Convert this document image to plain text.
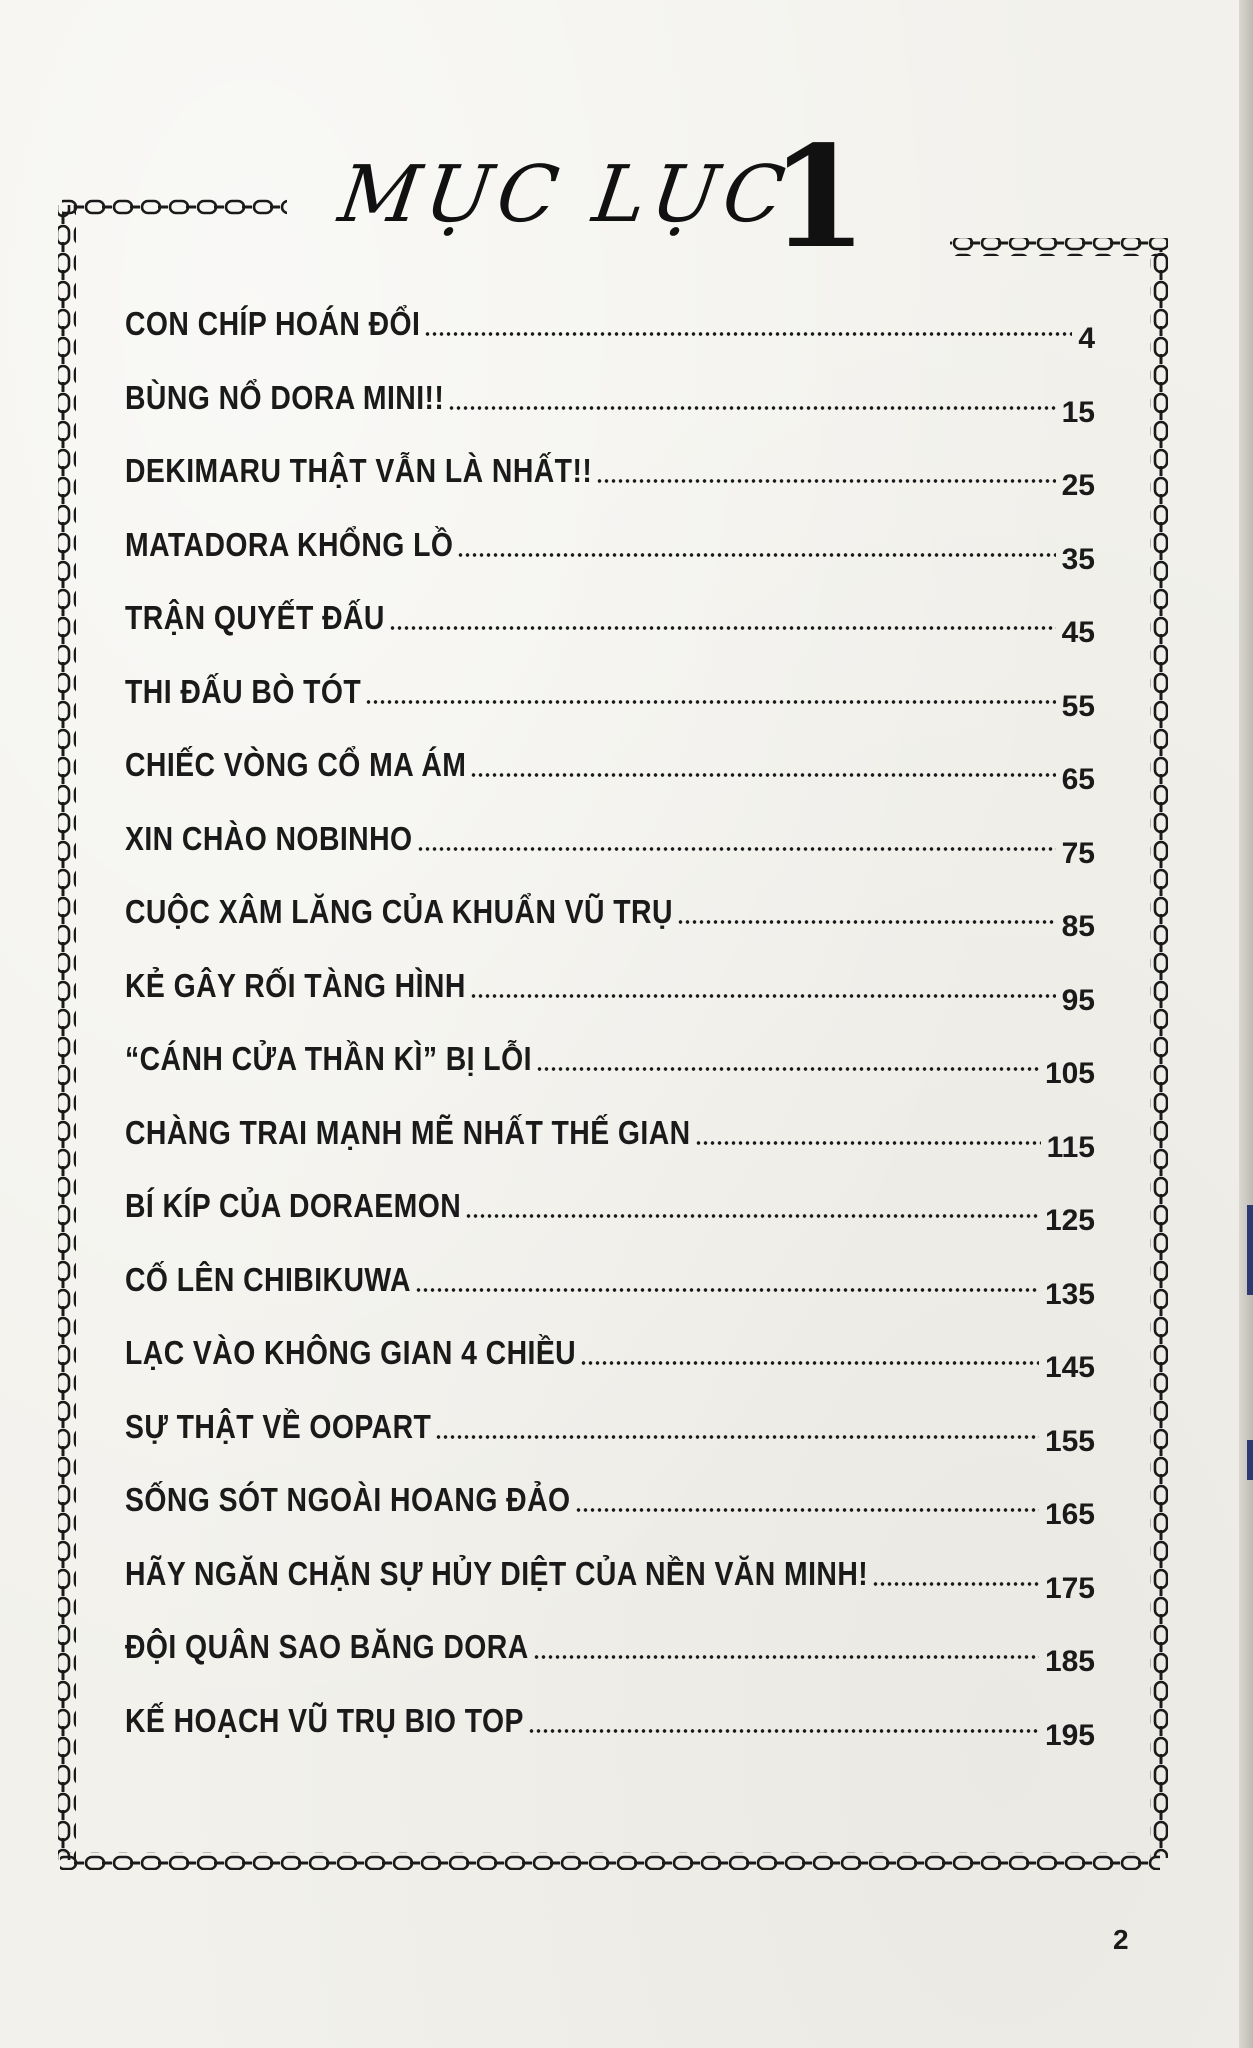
MỤC LỤC
1
CON CHÍP HOÁN ĐỔI	4
BÙNG NỔ DORA MINI!!	15
DEKIMARU THẬT VẪN LÀ NHẤT!!	25
MATADORA KHỔNG LỒ	35
TRẬN QUYẾT ĐẤU	45
THI ĐẤU BÒ TÓT	55
CHIẾC VÒNG CỔ MA ÁM	65
XIN CHÀO NOBINHO	75
CUỘC XÂM LĂNG CỦA KHUẨN VŨ TRỤ	85
KẺ GÂY RỐI TÀNG HÌNH	95
“CÁNH CỬA THẦN KÌ” BỊ LỖI	105
CHÀNG TRAI MẠNH MẼ NHẤT THẾ GIAN	115
BÍ KÍP CỦA DORAEMON	125
CỐ LÊN CHIBIKUWA	135
LẠC VÀO KHÔNG GIAN 4 CHIỀU	145
SỰ THẬT VỀ OOPART	155
SỐNG SÓT NGOÀI HOANG ĐẢO	165
HÃY NGĂN CHẶN SỰ HỦY DIỆT CỦA NỀN VĂN MINH!	175
ĐỘI QUÂN SAO BĂNG DORA	185
KẾ HOẠCH VŨ TRỤ BIO TOP	195
2
